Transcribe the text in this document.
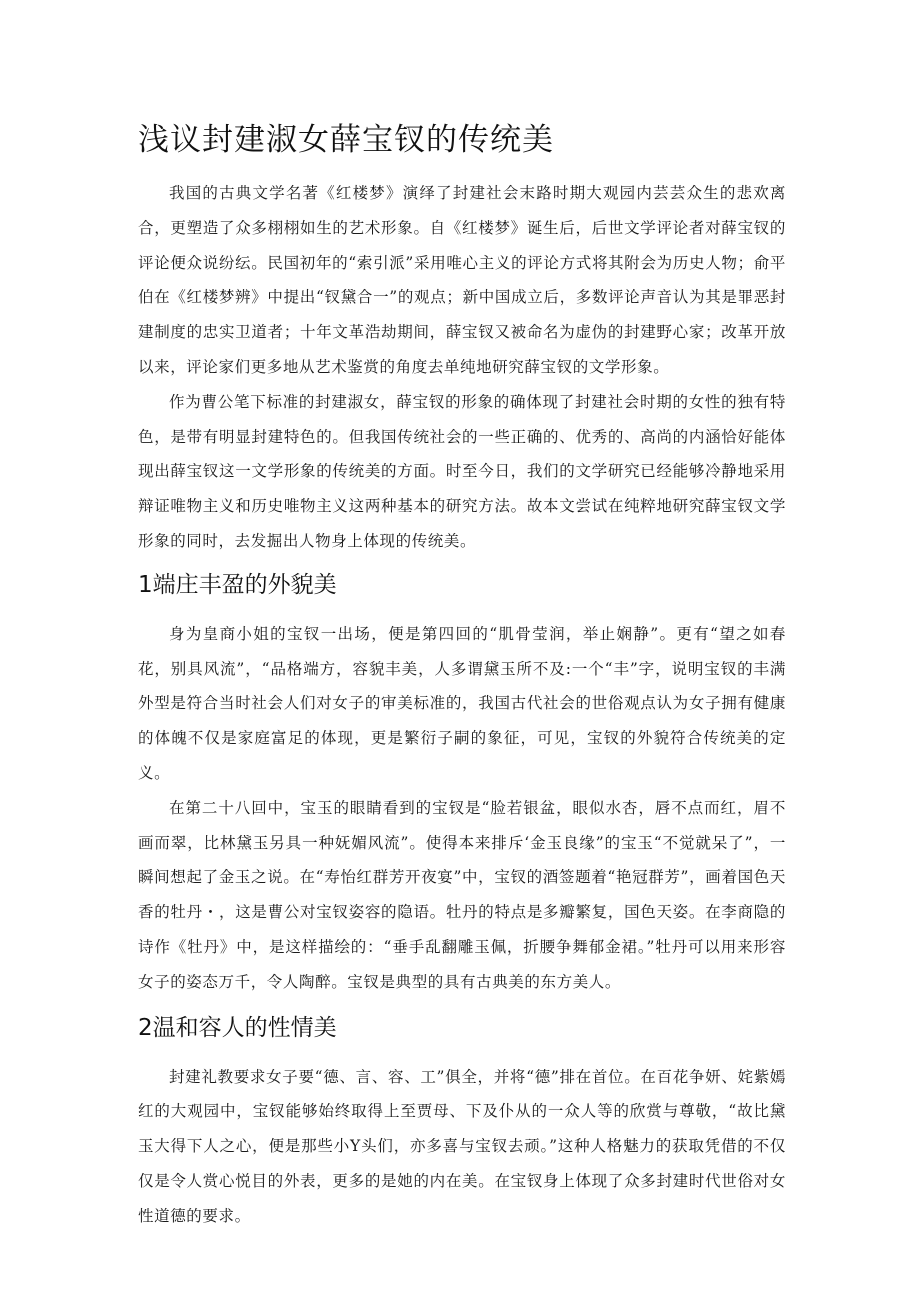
浅议封建淑女薛宝钗的传统美

我国的古典文学名著《红楼梦》演绎了封建社会末路时期大观园内芸芸众生的悲欢离合，更塑造了众多栩栩如生的艺术形象。自《红楼梦》诞生后，后世文学评论者对薛宝钗的评论便众说纷纭。民国初年的“索引派”采用唯心主义的评论方式将其附会为历史人物；俞平伯在《红楼梦辨》中提出“钗黛合一”的观点；新中国成立后，多数评论声音认为其是罪恶封建制度的忠实卫道者；十年文革浩劫期间，薛宝钗又被命名为虚伪的封建野心家；改革开放以来，评论家们更多地从艺术鉴赏的角度去单纯地研究薛宝钗的文学形象。

作为曹公笔下标准的封建淑女，薛宝钗的形象的确体现了封建社会时期的女性的独有特色，是带有明显封建特色的。但我国传统社会的一些正确的、优秀的、高尚的内涵恰好能体现出薛宝钗这一文学形象的传统美的方面。时至今日，我们的文学研究已经能够冷静地采用辩证唯物主义和历史唯物主义这两种基本的研究方法。故本文尝试在纯粹地研究薛宝钗文学形象的同时，去发掘出人物身上体现的传统美。

1端庄丰盈的外貌美

身为皇商小姐的宝钗一出场，便是第四回的“肌骨莹润，举止娴静”。更有“望之如春花，别具风流”，“品格端方，容貌丰美，人多谓黛玉所不及:一个“丰”字，说明宝钗的丰满外型是符合当时社会人们对女子的审美标准的，我国古代社会的世俗观点认为女子拥有健康的体魄不仅是家庭富足的体现，更是繁衍子嗣的象征，可见，宝钗的外貌符合传统美的定义。

在第二十八回中，宝玉的眼睛看到的宝钗是“脸若银盆，眼似水杏，唇不点而红，眉不画而翠，比林黛玉另具一种妩媚风流”。使得本来排斥‘金玉良缘”的宝玉“不觉就呆了”，一瞬间想起了金玉之说。在“寿怡红群芳开夜宴”中，宝钗的酒签题着“艳冠群芳”，画着国色天香的牡丹・，这是曹公对宝钗姿容的隐语。牡丹的特点是多瓣繁复，国色天姿。在李商隐的诗作《牡丹》中，是这样描绘的：“垂手乱翻雕玉佩，折腰争舞郁金裙。”牡丹可以用来形容女子的姿态万千，令人陶醉。宝钗是典型的具有古典美的东方美人。

2温和容人的性情美

封建礼教要求女子要“德、言、容、工”俱全，并将“德”排在首位。在百花争妍、姹紫嫣红的大观园中，宝钗能够始终取得上至贾母、下及仆从的一众人等的欣赏与尊敬，“故比黛玉大得下人之心，便是那些小Y头们，亦多喜与宝钗去顽。”这种人格魅力的获取凭借的不仅仅是令人赏心悦目的外表，更多的是她的内在美。在宝钗身上体现了众多封建时代世俗对女性道德的要求。
